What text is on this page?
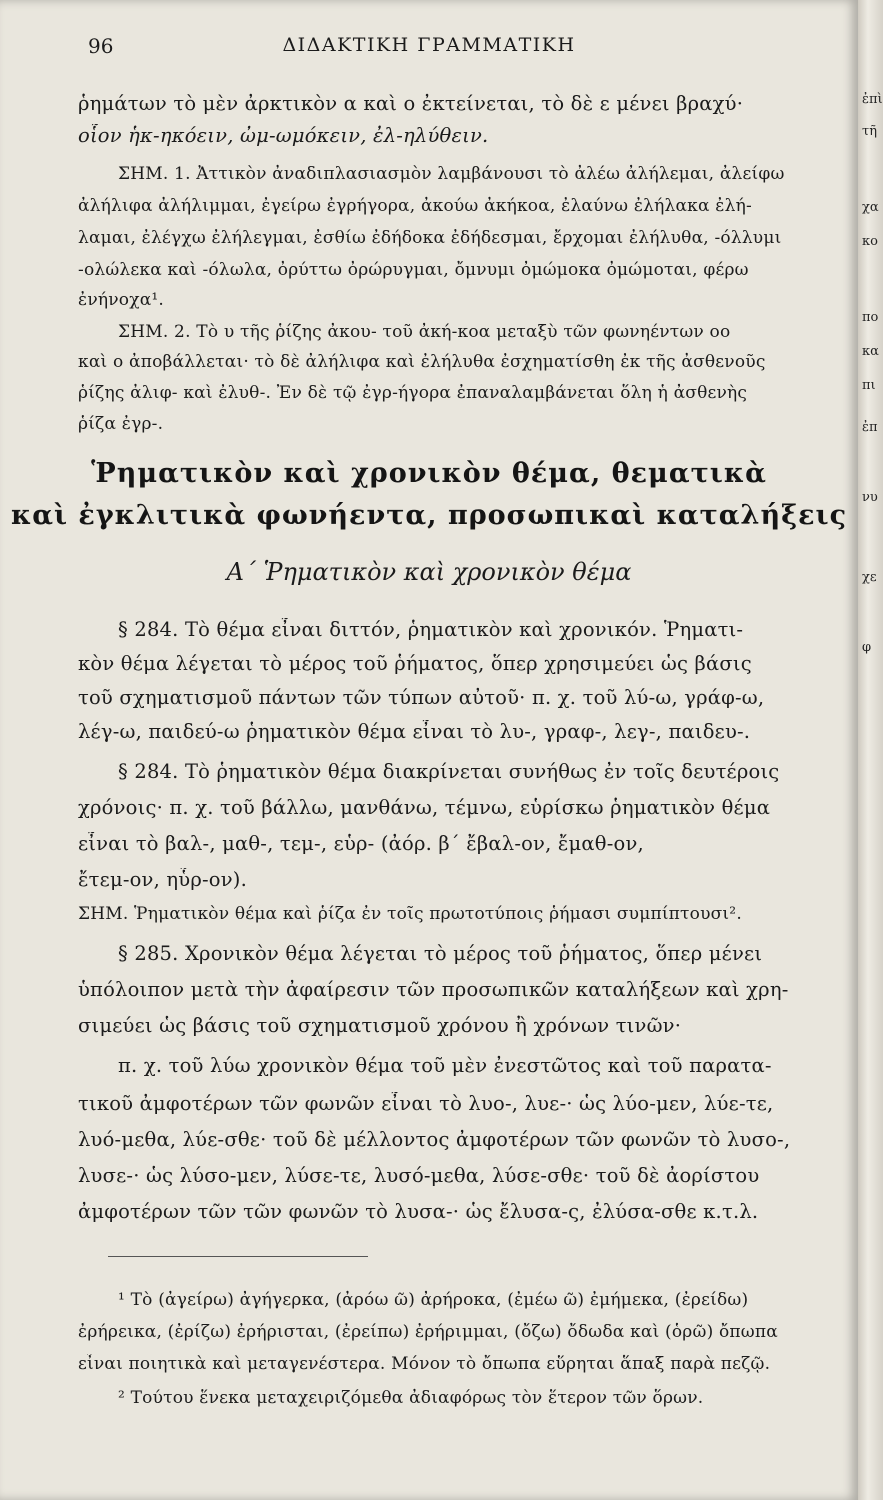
96	ΔΙΔΑΚΤΙΚΗ ΓΡΑΜΜΑΤΙΚΗ
ῥημάτων τὸ μὲν ἀρκτικὸν α καὶ ο ἐκτείνεται, τὸ δὲ ε μένει βραχύ·
οἷον ἡκ-ηκόειν, ὠμ-ωμόκειν, ἐλ-ηλύθειν.
ΣΗΜ. 1. Ἀττικὸν ἀναδιπλασιασμὸν λαμβάνουσι τὸ ἀλέω ἀλήλεμαι, ἀλείφω
ἀλήλιφα ἀλήλιμμαι, ἐγείρω ἐγρήγορα, ἀκούω ἀκήκοα, ἐλαύνω ἐλήλακα ἐλή-
λαμαι, ἐλέγχω ἐλήλεγμαι, ἐσθίω ἐδήδοκα ἐδήδεσμαι, ἔρχομαι ἐλήλυθα, -όλλυμι
-ολώλεκα καὶ -όλωλα, ὀρύττω ὀρώρυγμαι, ὄμνυμι ὀμώμοκα ὀμώμοται, φέρω
ἐνήνοχα¹.
ΣΗΜ. 2. Τὸ υ τῆς ῥίζης ἀκου- τοῦ ἀκή-κοα μεταξὺ τῶν φωνηέντων οο
καὶ ο ἀποβάλλεται· τὸ δὲ ἀλήλιφα καὶ ἐλήλυθα ἐσχηματίσθη ἐκ τῆς ἀσθενοῦς
ῥίζης ἀλιφ- καὶ ἐλυθ-. Ἐν δὲ τῷ ἐγρ-ήγορα ἐπαναλαμβάνεται ὅλη ἡ ἀσθενὴς
ῥίζα ἐγρ-.
Ῥηματικὸν καὶ χρονικὸν θέμα, θεματικὰ
καὶ ἐγκλιτικὰ φωνήεντα, προσωπικαὶ καταλήξεις
Α΄ Ῥηματικὸν καὶ χρονικὸν θέμα
§ 284. Τὸ θέμα εἶναι διττόν, ῥηματικὸν καὶ χρονικόν. Ῥηματι-
κὸν θέμα λέγεται τὸ μέρος τοῦ ῥήματος, ὅπερ χρησιμεύει ὡς βάσις
τοῦ σχηματισμοῦ πάντων τῶν τύπων αὐτοῦ· π. χ. τοῦ λύ-ω, γράφ-ω,
λέγ-ω, παιδεύ-ω ῥηματικὸν θέμα εἶναι τὸ λυ-, γραφ-, λεγ-, παιδευ-.
§ 284. Τὸ ῥηματικὸν θέμα διακρίνεται συνήθως ἐν τοῖς δευτέροις
χρόνοις· π. χ. τοῦ βάλλω, μανθάνω, τέμνω, εὑρίσκω ῥηματικὸν θέμα
εἶναι τὸ βαλ-, μαθ-, τεμ-, εὑρ- (ἀόρ. β΄ ἔβαλ-ον, ἔμαθ-ον,
ἔτεμ-ον, ηὗρ-ον).
ΣΗΜ. Ῥηματικὸν θέμα καὶ ῥίζα ἐν τοῖς πρωτοτύποις ῥήμασι συμπίπτουσι².
§ 285. Χρονικὸν θέμα λέγεται τὸ μέρος τοῦ ῥήματος, ὅπερ μένει
ὑπόλοιπον μετὰ τὴν ἀφαίρεσιν τῶν προσωπικῶν καταλήξεων καὶ χρη-
σιμεύει ὡς βάσις τοῦ σχηματισμοῦ χρόνου ἢ χρόνων τινῶν·
π. χ. τοῦ λύω χρονικὸν θέμα τοῦ μὲν ἐνεστῶτος καὶ τοῦ παρατα-
τικοῦ ἀμφοτέρων τῶν φωνῶν εἶναι τὸ λυο-, λυε-· ὡς λύο-μεν, λύε-τε,
λυό-μεθα, λύε-σθε· τοῦ δὲ μέλλοντος ἀμφοτέρων τῶν φωνῶν τὸ λυσο-,
λυσε-· ὡς λύσο-μεν, λύσε-τε, λυσό-μεθα, λύσε-σθε· τοῦ δὲ ἀορίστου
ἀμφοτέρων τῶν τῶν φωνῶν τὸ λυσα-· ὡς ἔλυσα-ς, ἐλύσα-σθε κ.τ.λ.
¹ Τὸ (ἀγείρω) ἀγήγερκα, (ἀρόω ῶ) ἀρήροκα, (ἐμέω ῶ) ἐμήμεκα, (ἐρείδω)
ἐρήρεικα, (ἐρίζω) ἐρήρισται, (ἐρείπω) ἐρήριμμαι, (ὄζω) ὄδωδα καὶ (ὁρῶ) ὄπωπα
εἶναι ποιητικὰ καὶ μεταγενέστερα. Μόνον τὸ ὄπωπα εὕρηται ἅπαξ παρὰ πεζῷ.
² Τούτου ἕνεκα μεταχειριζόμεθα ἀδιαφόρως τὸν ἕτερον τῶν ὅρων.
ἐπὶ
τῆ
χα
κο
πο
κα
πι
ἐπ
νυ
χε
φ
